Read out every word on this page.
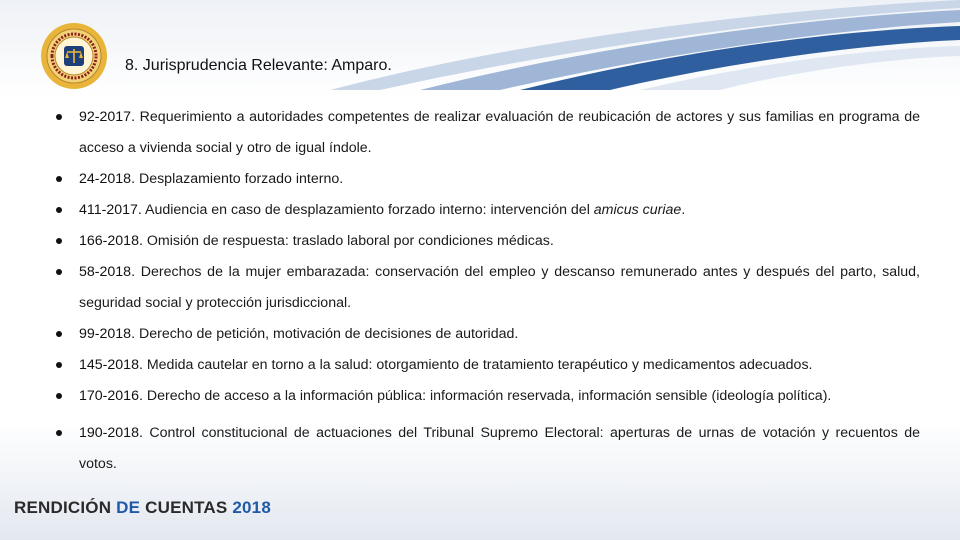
8. Jurisprudencia Relevante: Amparo.
92-2017. Requerimiento a autoridades competentes de realizar evaluación de reubicación de actores y sus familias en programa de acceso a vivienda social y otro de igual índole.
24-2018. Desplazamiento forzado interno.
411-2017. Audiencia en caso de desplazamiento forzado interno: intervención del amicus curiae.
166-2018. Omisión de respuesta: traslado laboral por condiciones médicas.
58-2018. Derechos de la mujer embarazada: conservación del empleo y descanso remunerado antes y después del parto, salud, seguridad social y protección jurisdiccional.
99-2018. Derecho de petición, motivación de decisiones de autoridad.
145-2018. Medida cautelar en torno a la salud: otorgamiento de tratamiento terapéutico y medicamentos adecuados.
170-2016. Derecho de acceso a la información pública: información reservada, información sensible (ideología política).
190-2018. Control constitucional de actuaciones del Tribunal Supremo Electoral: aperturas de urnas de votación y recuentos de votos.
RENDICIÓN DE CUENTAS 2018
